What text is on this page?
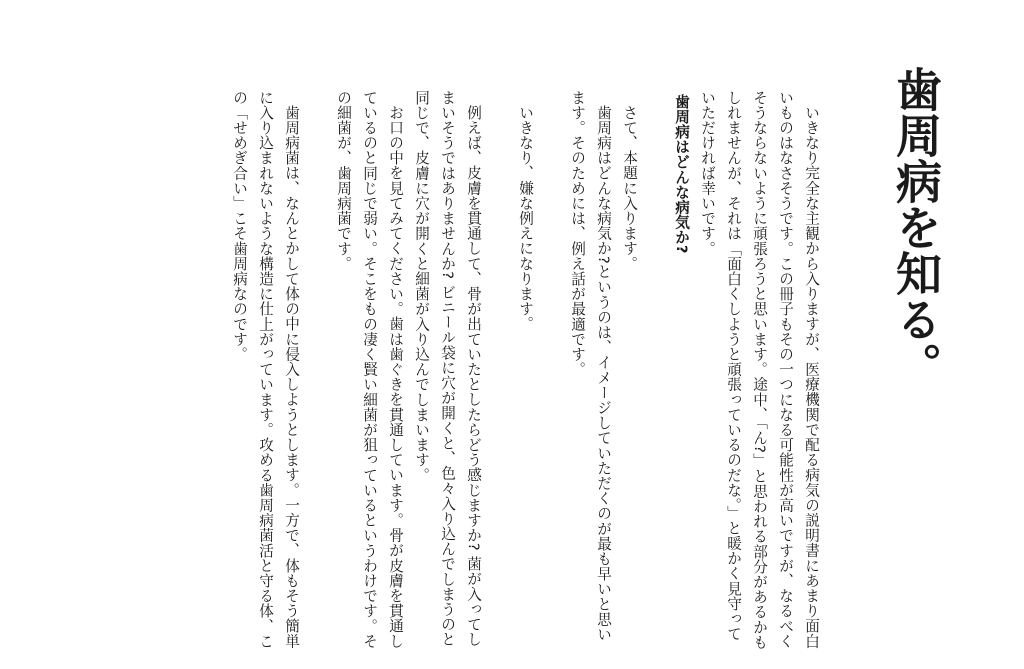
歯周病を知る。

いきなり完全な主観から入りますが、医療機関で配る病気の説明書にあまり面白いものはなさそうです。この冊子もその一つになる可能性が高いですが、なるべくそうならないように頑張ろうと思います。途中、「ん?」と思われる部分があるかもしれませんが、それは「面白くしようと頑張っているのだな。」と暖かく見守っていただければ幸いです。

歯周病はどんな病気か?

さて、本題に入ります。

歯周病はどんな病気か?というのは、イメージしていただくのが最も早いと思います。そのためには、例え話が最適です。

いきなり、嫌な例えになります。

例えば、皮膚を貫通して、骨が出ていたとしたらどう感じますか? 菌が入ってしまいそうではありませんか? ビニール袋に穴が開くと、色々入り込んでしまうのと同じで、皮膚に穴が開くと細菌が入り込んでしまいます。

お口の中を見てみてください。歯は歯ぐきを貫通しています。骨が皮膚を貫通しているのと同じで弱い。そこをもの凄く賢い細菌が狙っているというわけです。その細菌が、歯周病菌です。

歯周病菌は、なんとかして体の中に侵入しようとします。一方で、体もそう簡単に入り込まれないような構造に仕上がっています。攻める歯周病菌活と守る体、この「せめぎ合い」こそ歯周病なのです。
